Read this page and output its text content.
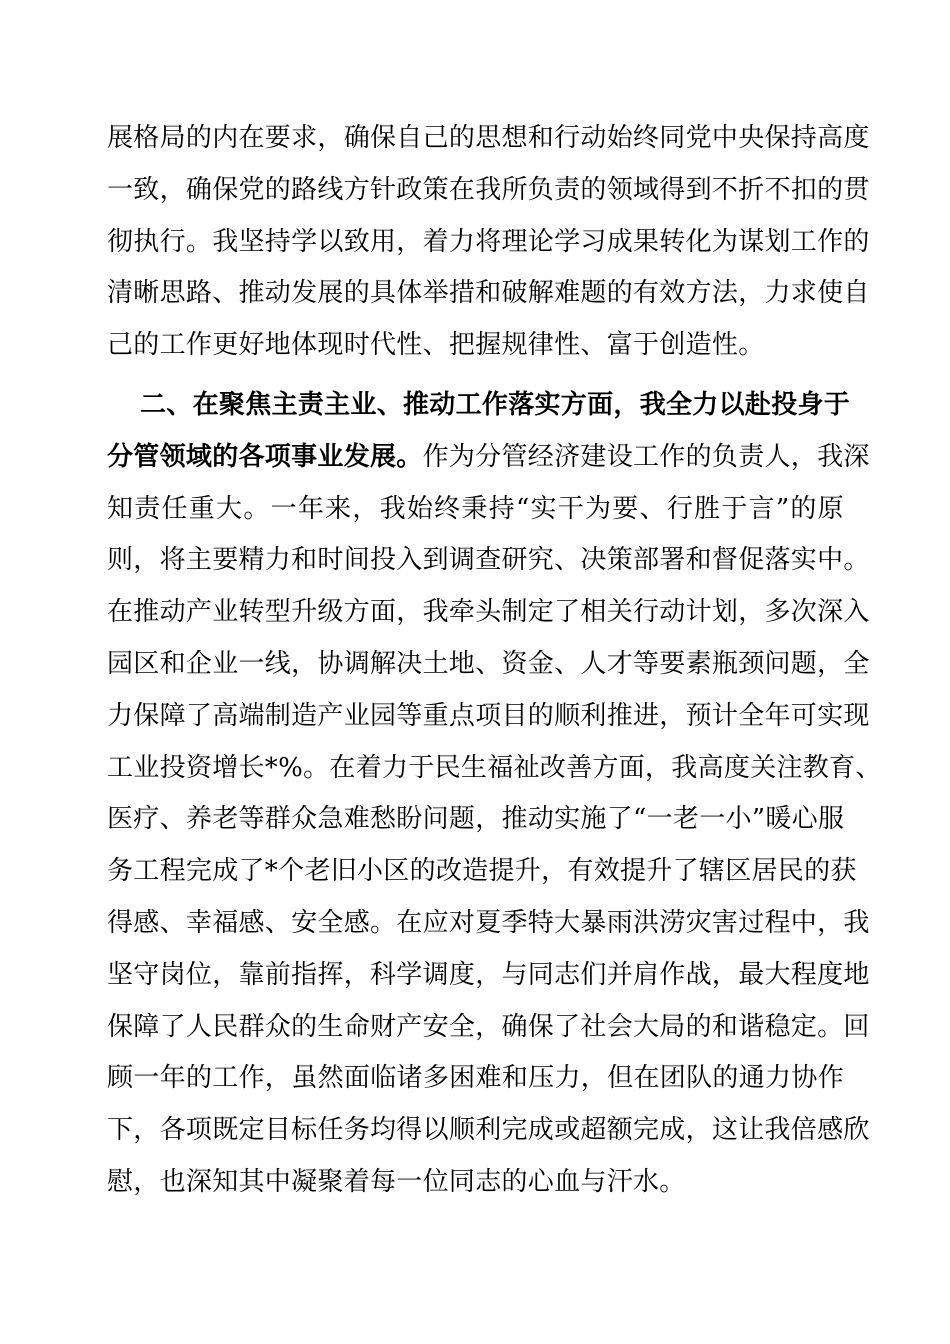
展格局的内在要求，确保自己的思想和行动始终同党中央保持高度
一致，确保党的路线方针政策在我所负责的领域得到不折不扣的贯
彻执行。我坚持学以致用，着力将理论学习成果转化为谋划工作的
清晰思路、推动发展的具体举措和破解难题的有效方法，力求使自
己的工作更好地体现时代性、把握规律性、富于创造性。
二、在聚焦主责主业、推动工作落实方面，我全力以赴投身于
分管领域的各项事业发展。作为分管经济建设工作的负责人，我深
知责任重大。一年来，我始终秉持“实干为要、行胜于言”的原
则，将主要精力和时间投入到调查研究、决策部署和督促落实中。
在推动产业转型升级方面，我牵头制定了相关行动计划，多次深入
园区和企业一线，协调解决土地、资金、人才等要素瓶颈问题，全
力保障了高端制造产业园等重点项目的顺利推进，预计全年可实现
工业投资增长*%。在着力于民生福祉改善方面，我高度关注教育、
医疗、养老等群众急难愁盼问题，推动实施了“一老一小”暖心服
务工程完成了*个老旧小区的改造提升，有效提升了辖区居民的获
得感、幸福感、安全感。在应对夏季特大暴雨洪涝灾害过程中，我
坚守岗位，靠前指挥，科学调度，与同志们并肩作战，最大程度地
保障了人民群众的生命财产安全，确保了社会大局的和谐稳定。回
顾一年的工作，虽然面临诸多困难和压力，但在团队的通力协作
下，各项既定目标任务均得以顺利完成或超额完成，这让我倍感欣
慰，也深知其中凝聚着每一位同志的心血与汗水。
